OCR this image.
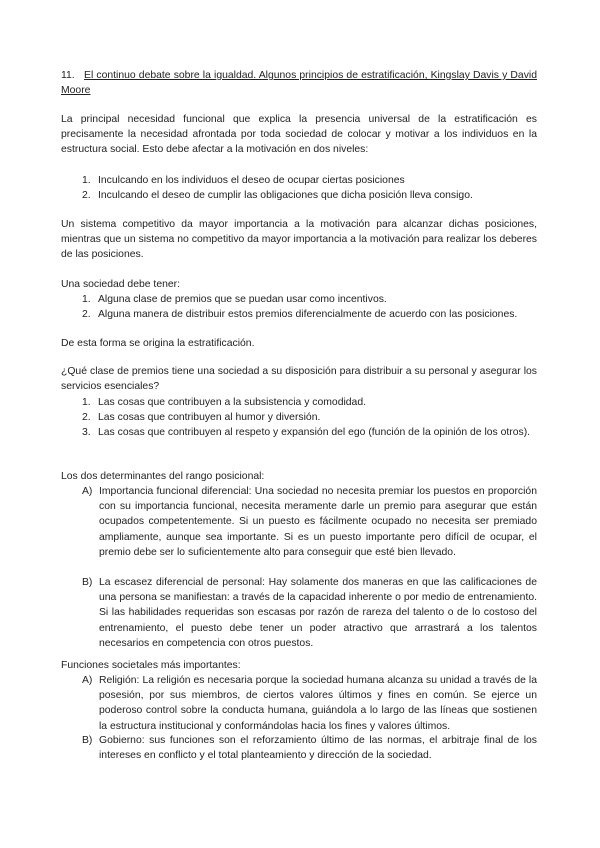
11. El continuo debate sobre la igualdad. Algunos principios de estratificación, Kingslay Davis y David Moore
La principal necesidad funcional que explica la presencia universal de la estratificación es precisamente la necesidad afrontada por toda sociedad de colocar y motivar a los individuos en la estructura social. Esto debe afectar a la motivación en dos niveles:
1. Inculcando en los individuos el deseo de ocupar ciertas posiciones
2. Inculcando el deseo de cumplir las obligaciones que dicha posición lleva consigo.
Un sistema competitivo da mayor importancia a la motivación para alcanzar dichas posiciones, mientras que un sistema no competitivo da mayor importancia a la motivación para realizar los deberes de las posiciones.
Una sociedad debe tener:
1. Alguna clase de premios que se puedan usar como incentivos.
2. Alguna manera de distribuir estos premios diferencialmente de acuerdo con las posiciones.
De esta forma se origina la estratificación.
¿Qué clase de premios tiene una sociedad a su disposición para distribuir a su personal y asegurar los servicios esenciales?
1. Las cosas que contribuyen a la subsistencia y comodidad.
2. Las cosas que contribuyen al humor y diversión.
3. Las cosas que contribuyen al respeto y expansión del ego (función de la opinión de los otros).
Los dos determinantes del rango posicional:
A) Importancia funcional diferencial: Una sociedad no necesita premiar los puestos en proporción con su importancia funcional, necesita meramente darle un premio para asegurar que están ocupados competentemente. Si un puesto es fácilmente ocupado no necesita ser premiado ampliamente, aunque sea importante. Si es un puesto importante pero difícil de ocupar, el premio debe ser lo suficientemente alto para conseguir que esté bien llevado.
B) La escasez diferencial de personal: Hay solamente dos maneras en que las calificaciones de una persona se manifiestan: a través de la capacidad inherente o por medio de entrenamiento. Si las habilidades requeridas son escasas por razón de rareza del talento o de lo costoso del entrenamiento, el puesto debe tener un poder atractivo que arrastrará a los talentos necesarios en competencia con otros puestos.
Funciones societales más importantes:
A) Religión: La religión es necesaria porque la sociedad humana alcanza su unidad a través de la posesión, por sus miembros, de ciertos valores últimos y fines en común. Se ejerce un poderoso control sobre la conducta humana, guiándola a lo largo de las líneas que sostienen la estructura institucional y conformándolas hacia los fines y valores últimos.
B) Gobierno: sus funciones son el reforzamiento último de las normas, el arbitraje final de los intereses en conflicto y el total planteamiento y dirección de la sociedad.
